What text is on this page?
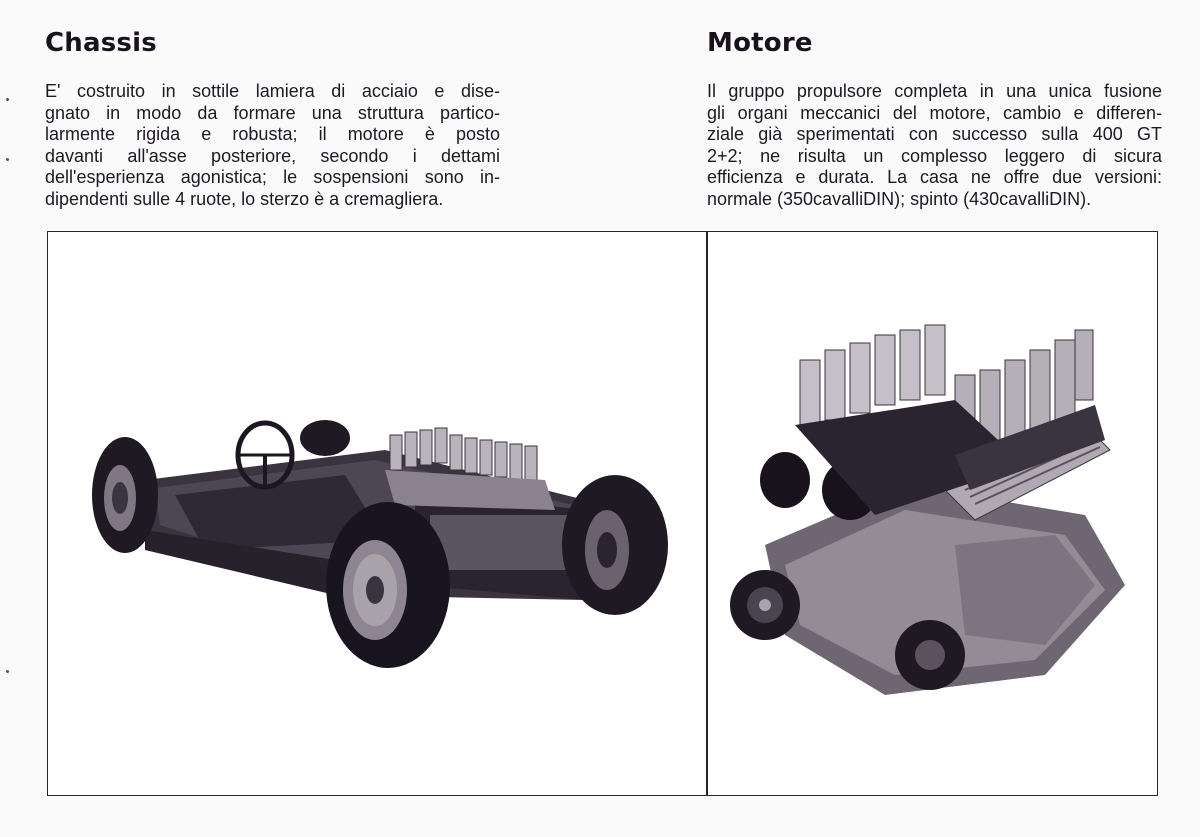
Chassis
E' costruito in sottile lamiera di acciaio e dise-
gnato in modo da formare una struttura partico-
larmente rigida e robusta; il motore è posto
davanti all'asse posteriore, secondo i dettami
dell'esperienza agonistica; le sospensioni sono in-
dipendenti sulle 4 ruote, lo sterzo è a cremagliera.
Motore
Il gruppo propulsore completa in una unica fusione
gli organi meccanici del motore, cambio e differen-
ziale già sperimentati con successo sulla 400 GT
2+2; ne risulta un complesso leggero di sicura
efficienza e durata. La casa ne offre due versioni:
normale (350cavalliDIN); spinto (430cavalliDIN).
